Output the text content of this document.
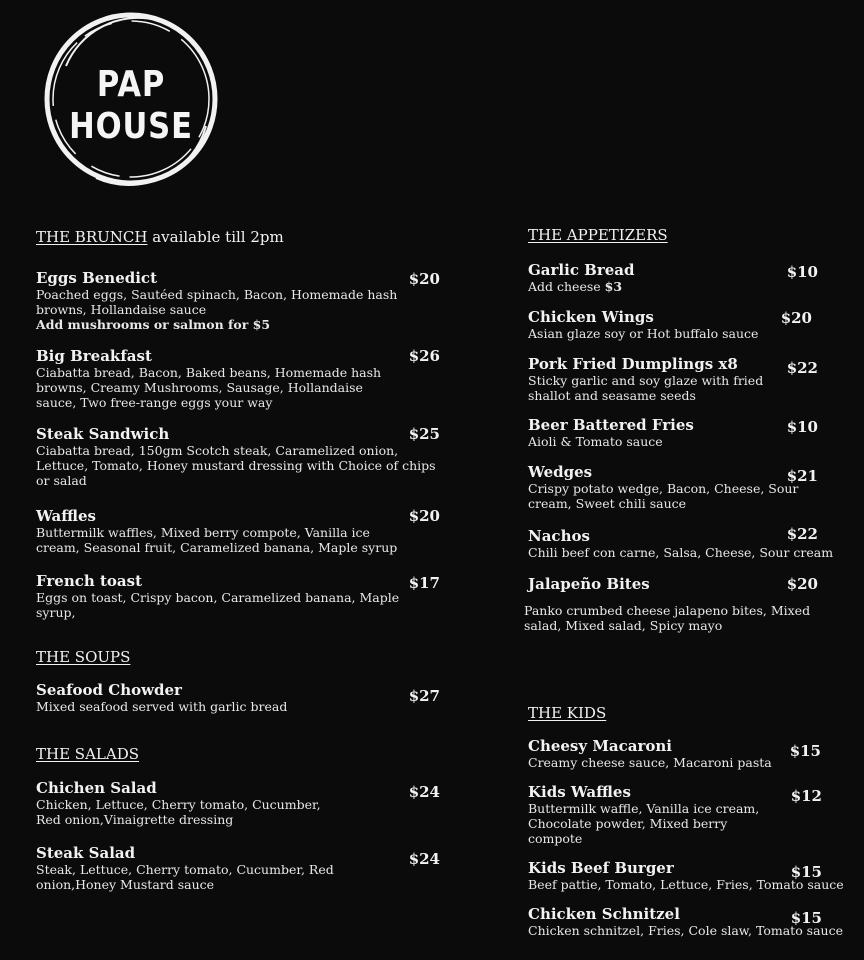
PAP
HOUSE
THE BRUNCH available till 2pm
$20
Eggs Benedict
Poached eggs, Sautéed spinach, Bacon, Homemade hash browns, Hollandaise sauce
Add mushrooms or salmon for $5
$26
Big Breakfast
Ciabatta bread, Bacon, Baked beans, Homemade hash browns, Creamy Mushrooms, Sausage, Hollandaise sauce, Two free-range eggs your way
$25
Steak Sandwich
Ciabatta bread, 150gm Scotch steak, Caramelized onion, Lettuce, Tomato, Honey mustard dressing with Choice of chips or salad
$20
Waffles
Buttermilk waffles, Mixed berry compote, Vanilla ice cream, Seasonal fruit, Caramelized banana, Maple syrup
$17
French toast
Eggs on toast, Crispy bacon, Caramelized banana, Maple syrup,
THE SOUPS
$27
Seafood Chowder
Mixed seafood served with garlic bread
THE SALADS
$24
Chichen Salad
Chicken, Lettuce, Cherry tomato, Cucumber, Red onion,Vinaigrette dressing
$24
Steak Salad
Steak, Lettuce, Cherry tomato, Cucumber, Red onion,Honey Mustard sauce
THE APPETIZERS
$10
Garlic Bread
Add cheese $3
$20
Chicken Wings
Asian glaze soy or Hot buffalo sauce
$22
Pork Fried Dumplings x8
Sticky garlic and soy glaze with fried shallot and seasame seeds
$10
Beer Battered Fries
Aioli & Tomato sauce
$21
Wedges
Crispy potato wedge, Bacon, Cheese, Sour cream, Sweet chili sauce
$22
Nachos
Chili beef con carne, Salsa, Cheese, Sour cream
$20
Jalapeño Bites
Panko crumbed cheese jalapeno bites, Mixed salad, Mixed salad, Spicy mayo
THE KIDS
$15
Cheesy Macaroni
Creamy cheese sauce, Macaroni pasta
$12
Kids Waffles
Buttermilk waffle, Vanilla ice cream, Chocolate powder, Mixed berry compote
$15
Kids Beef Burger
Beef pattie, Tomato, Lettuce, Fries, Tomato sauce
$15
Chicken Schnitzel
Chicken schnitzel, Fries, Cole slaw, Tomato sauce
